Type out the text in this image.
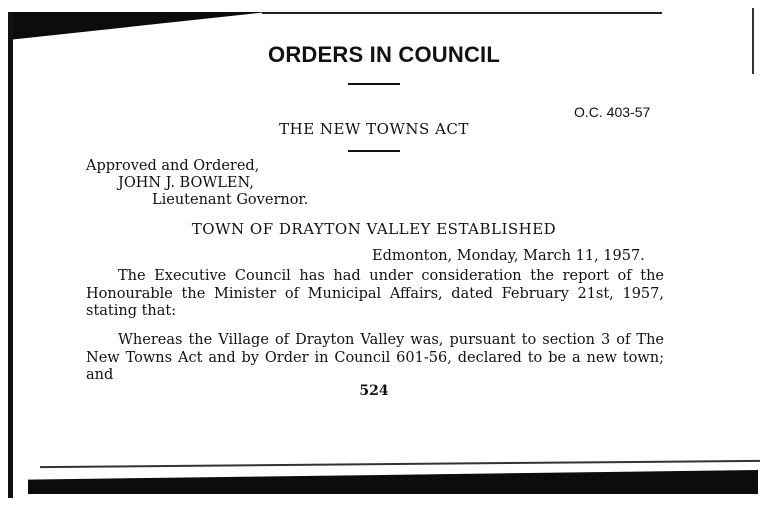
ORDERS IN COUNCIL
O.C. 403-57
THE NEW TOWNS ACT
Approved and Ordered,
JOHN J. BOWLEN,
Lieutenant Governor.
TOWN OF DRAYTON VALLEY ESTABLISHED
Edmonton, Monday, March 11, 1957.

The Executive Council has had under consideration the report of the Honourable the Minister of Municipal Affairs, dated February 21st, 1957, stating that:

Whereas the Village of Drayton Valley was, pursuant to section 3 of The New Towns Act and by Order in Council 601-56, declared to be a new town; and

524
